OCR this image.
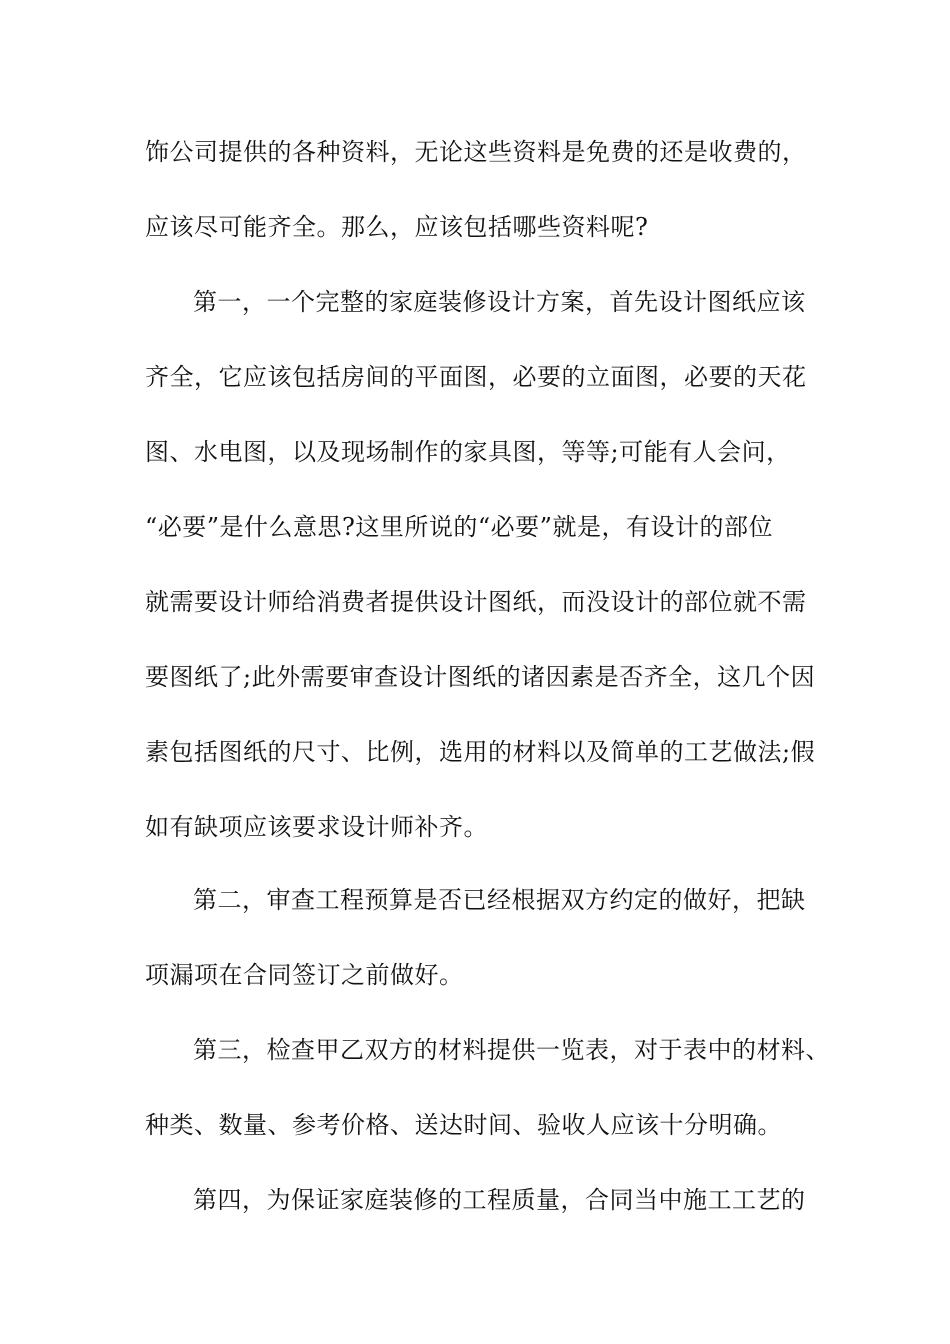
饰公司提供的各种资料，无论这些资料是免费的还是收费的，
应该尽可能齐全。那么，应该包括哪些资料呢?
第一，一个完整的家庭装修设计方案，首先设计图纸应该
齐全，它应该包括房间的平面图，必要的立面图，必要的天花
图、水电图，以及现场制作的家具图，等等;可能有人会问，
“必要”是什么意思?这里所说的“必要”就是，有设计的部位
就需要设计师给消费者提供设计图纸，而没设计的部位就不需
要图纸了;此外需要审查设计图纸的诸因素是否齐全，这几个因
素包括图纸的尺寸、比例，选用的材料以及简单的工艺做法;假
如有缺项应该要求设计师补齐。
第二，审查工程预算是否已经根据双方约定的做好，把缺
项漏项在合同签订之前做好。
第三，检查甲乙双方的材料提供一览表，对于表中的材料、
种类、数量、参考价格、送达时间、验收人应该十分明确。
第四，为保证家庭装修的工程质量，合同当中施工工艺的
